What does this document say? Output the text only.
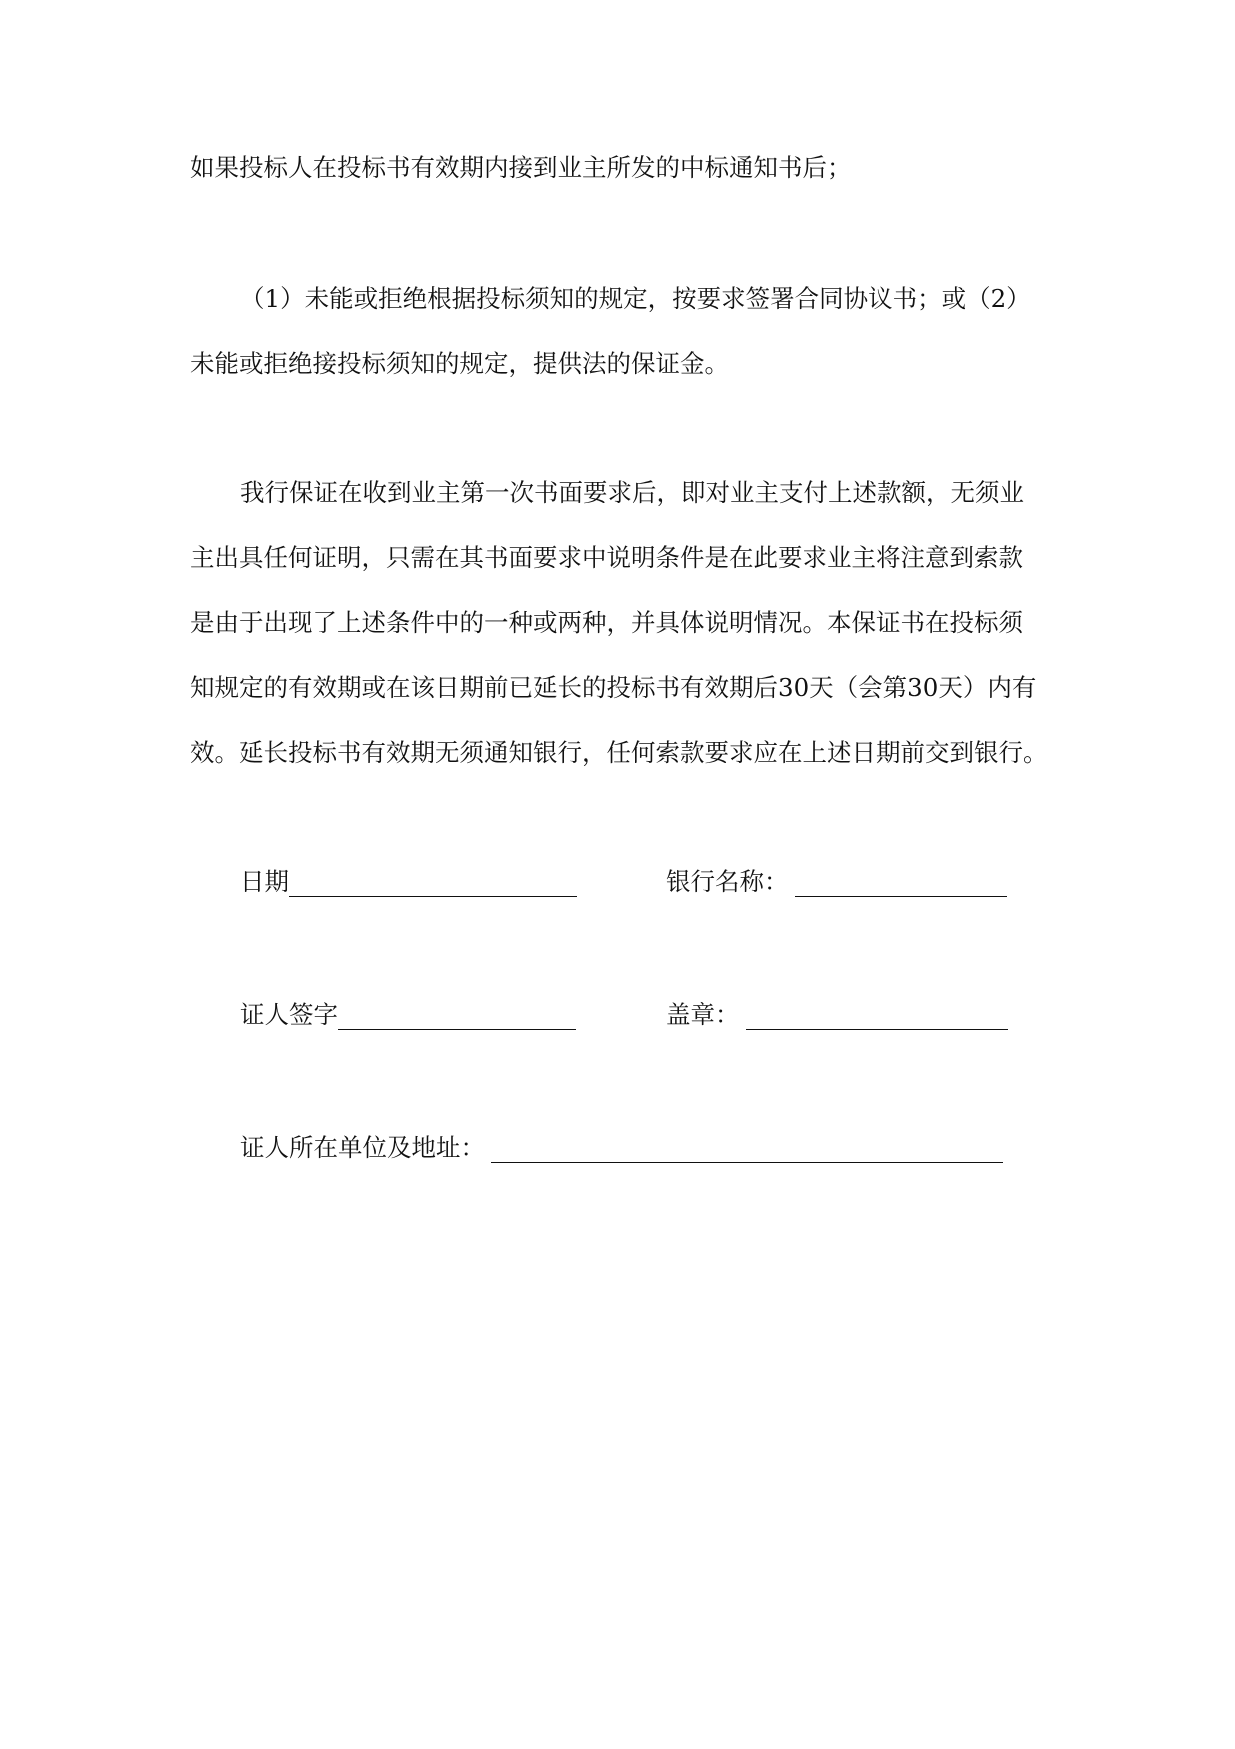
如果投标人在投标书有效期内接到业主所发的中标通知书后；
（1）未能或拒绝根据投标须知的规定，按要求签署合同协议书；或（2）
未能或拒绝接投标须知的规定，提供法的保证金。
我行保证在收到业主第一次书面要求后，即对业主支付上述款额，无须业
主出具任何证明，只需在其书面要求中说明条件是在此要求业主将注意到索款
是由于出现了上述条件中的一种或两种，并具体说明情况。本保证书在投标须
知规定的有效期或在该日期前已延长的投标书有效期后30天（会第30天）内有
效。延长投标书有效期无须通知银行，任何索款要求应在上述日期前交到银行。
日期	银行名称：
证人签字	盖章：
证人所在单位及地址：
